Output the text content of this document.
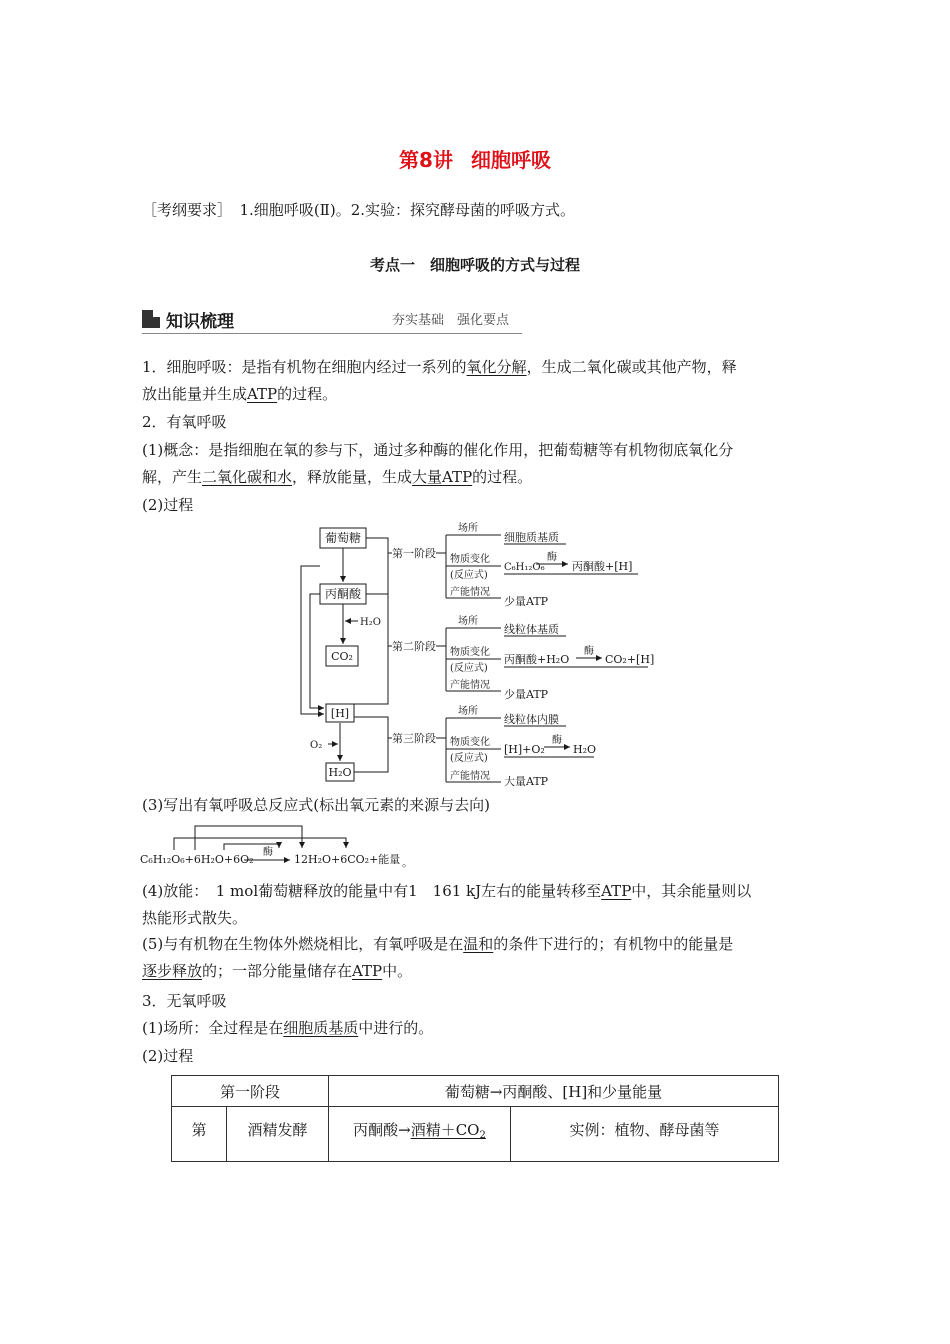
第8讲 细胞呼吸
［考纲要求］　1.细胞呼吸(Ⅱ)。2.实验：探究酵母菌的呼吸方式。
考点一　细胞呼吸的方式与过程
知识梳理	夯实基础　强化要点
1．细胞呼吸：是指有机物在细胞内经过一系列的氧化分解，生成二氧化碳或其他产物，释
放出能量并生成ATP的过程。
2．有氧呼吸
(1)概念：是指细胞在氧的参与下，通过多种酶的催化作用，把葡萄糖等有机物彻底氧化分
解，产生二氧化碳和水，释放能量，生成大量ATP的过程。
(2)过程
葡萄糖
丙酮酸
CO₂
[H]
H₂O
H₂O
O₂
第一阶段
场所
物质变化
(反应式)
产能情况
细胞质基质
C₆H₁₂O₆
酶
丙酮酸+[H]
少量ATP
第二阶段
场所
物质变化
(反应式)
产能情况
线粒体基质
丙酮酸+H₂O
酶
CO₂+[H]
少量ATP
第三阶段
场所
物质变化
(反应式)
产能情况
线粒体内膜
[H]+O₂
酶
H₂O
大量ATP
(3)写出有氧呼吸总反应式(标出氧元素的来源与去向)
C₆H₁₂O₆+6H₂O+6O₂
酶
12H₂O+6CO₂+能量 。
(4)放能：　1 mol葡萄糖释放的能量中有1　161 kJ左右的能量转移至ATP中，其余能量则以
热能形式散失。
(5)与有机物在生物体外燃烧相比，有氧呼吸是在温和的条件下进行的；有机物中的能量是
逐步释放的；一部分能量储存在ATP中。
3．无氧呼吸
(1)场所：全过程是在细胞质基质中进行的。
(2)过程
第一阶段		葡萄糖→丙酮酸、[H]和少量能量	
第	酒精发酵	丙酮酸→酒精$+CO_2$	实例：植物、酵母菌等
